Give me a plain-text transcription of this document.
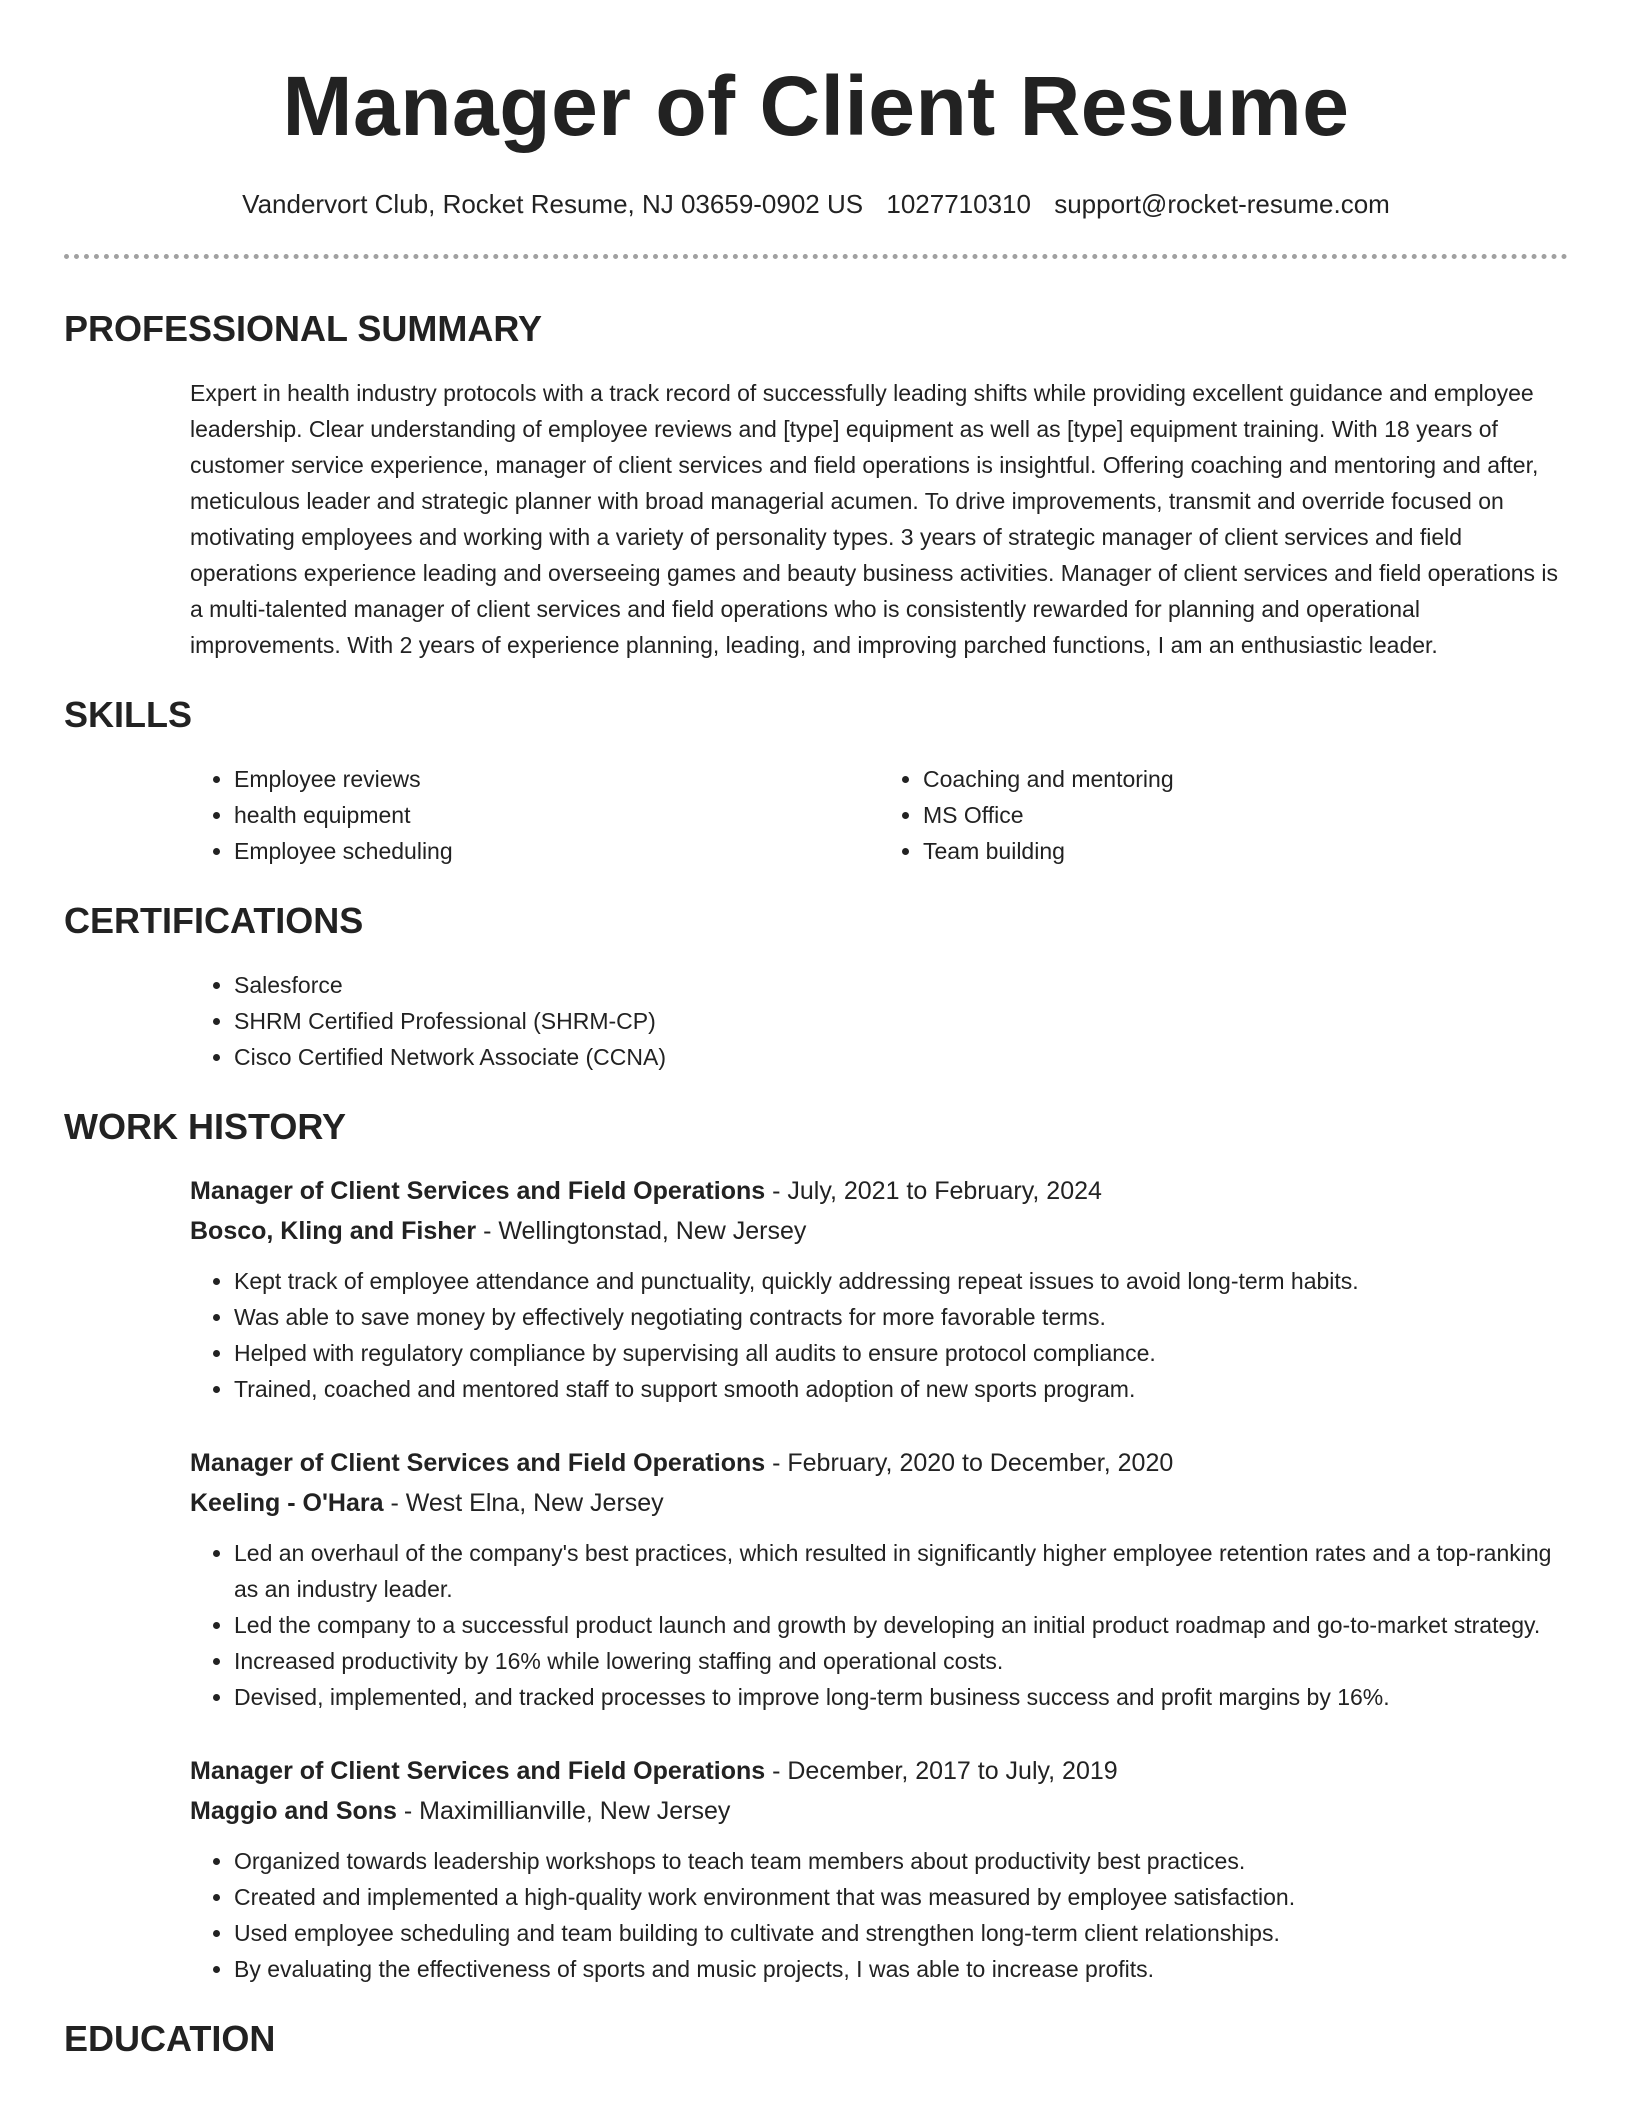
Manager of Client Resume
Vandervort Club, Rocket Resume, NJ 03659-0902 US 1027710310 support@rocket-resume.com
PROFESSIONAL SUMMARY
Expert in health industry protocols with a track record of successfully leading shifts while providing excellent guidance and employee leadership. Clear understanding of employee reviews and [type] equipment as well as [type] equipment training. With 18 years of customer service experience, manager of client services and field operations is insightful. Offering coaching and mentoring and after, meticulous leader and strategic planner with broad managerial acumen. To drive improvements, transmit and override focused on motivating employees and working with a variety of personality types. 3 years of strategic manager of client services and field operations experience leading and overseeing games and beauty business activities. Manager of client services and field operations is a multi-talented manager of client services and field operations who is consistently rewarded for planning and operational improvements. With 2 years of experience planning, leading, and improving parched functions, I am an enthusiastic leader.
SKILLS
• Employee reviews
• health equipment
• Employee scheduling
• Coaching and mentoring
• MS Office
• Team building
CERTIFICATIONS
• Salesforce
• SHRM Certified Professional (SHRM-CP)
• Cisco Certified Network Associate (CCNA)
WORK HISTORY
Manager of Client Services and Field Operations - July, 2021 to February, 2024
Bosco, Kling and Fisher - Wellingtonstad, New Jersey
• Kept track of employee attendance and punctuality, quickly addressing repeat issues to avoid long-term habits.
• Was able to save money by effectively negotiating contracts for more favorable terms.
• Helped with regulatory compliance by supervising all audits to ensure protocol compliance.
• Trained, coached and mentored staff to support smooth adoption of new sports program.
Manager of Client Services and Field Operations - February, 2020 to December, 2020
Keeling - O'Hara - West Elna, New Jersey
• Led an overhaul of the company's best practices, which resulted in significantly higher employee retention rates and a top-ranking as an industry leader.
• Led the company to a successful product launch and growth by developing an initial product roadmap and go-to-market strategy.
• Increased productivity by 16% while lowering staffing and operational costs.
• Devised, implemented, and tracked processes to improve long-term business success and profit margins by 16%.
Manager of Client Services and Field Operations - December, 2017 to July, 2019
Maggio and Sons - Maximillianville, New Jersey
• Organized towards leadership workshops to teach team members about productivity best practices.
• Created and implemented a high-quality work environment that was measured by employee satisfaction.
• Used employee scheduling and team building to cultivate and strengthen long-term client relationships.
• By evaluating the effectiveness of sports and music projects, I was able to increase profits.
EDUCATION
